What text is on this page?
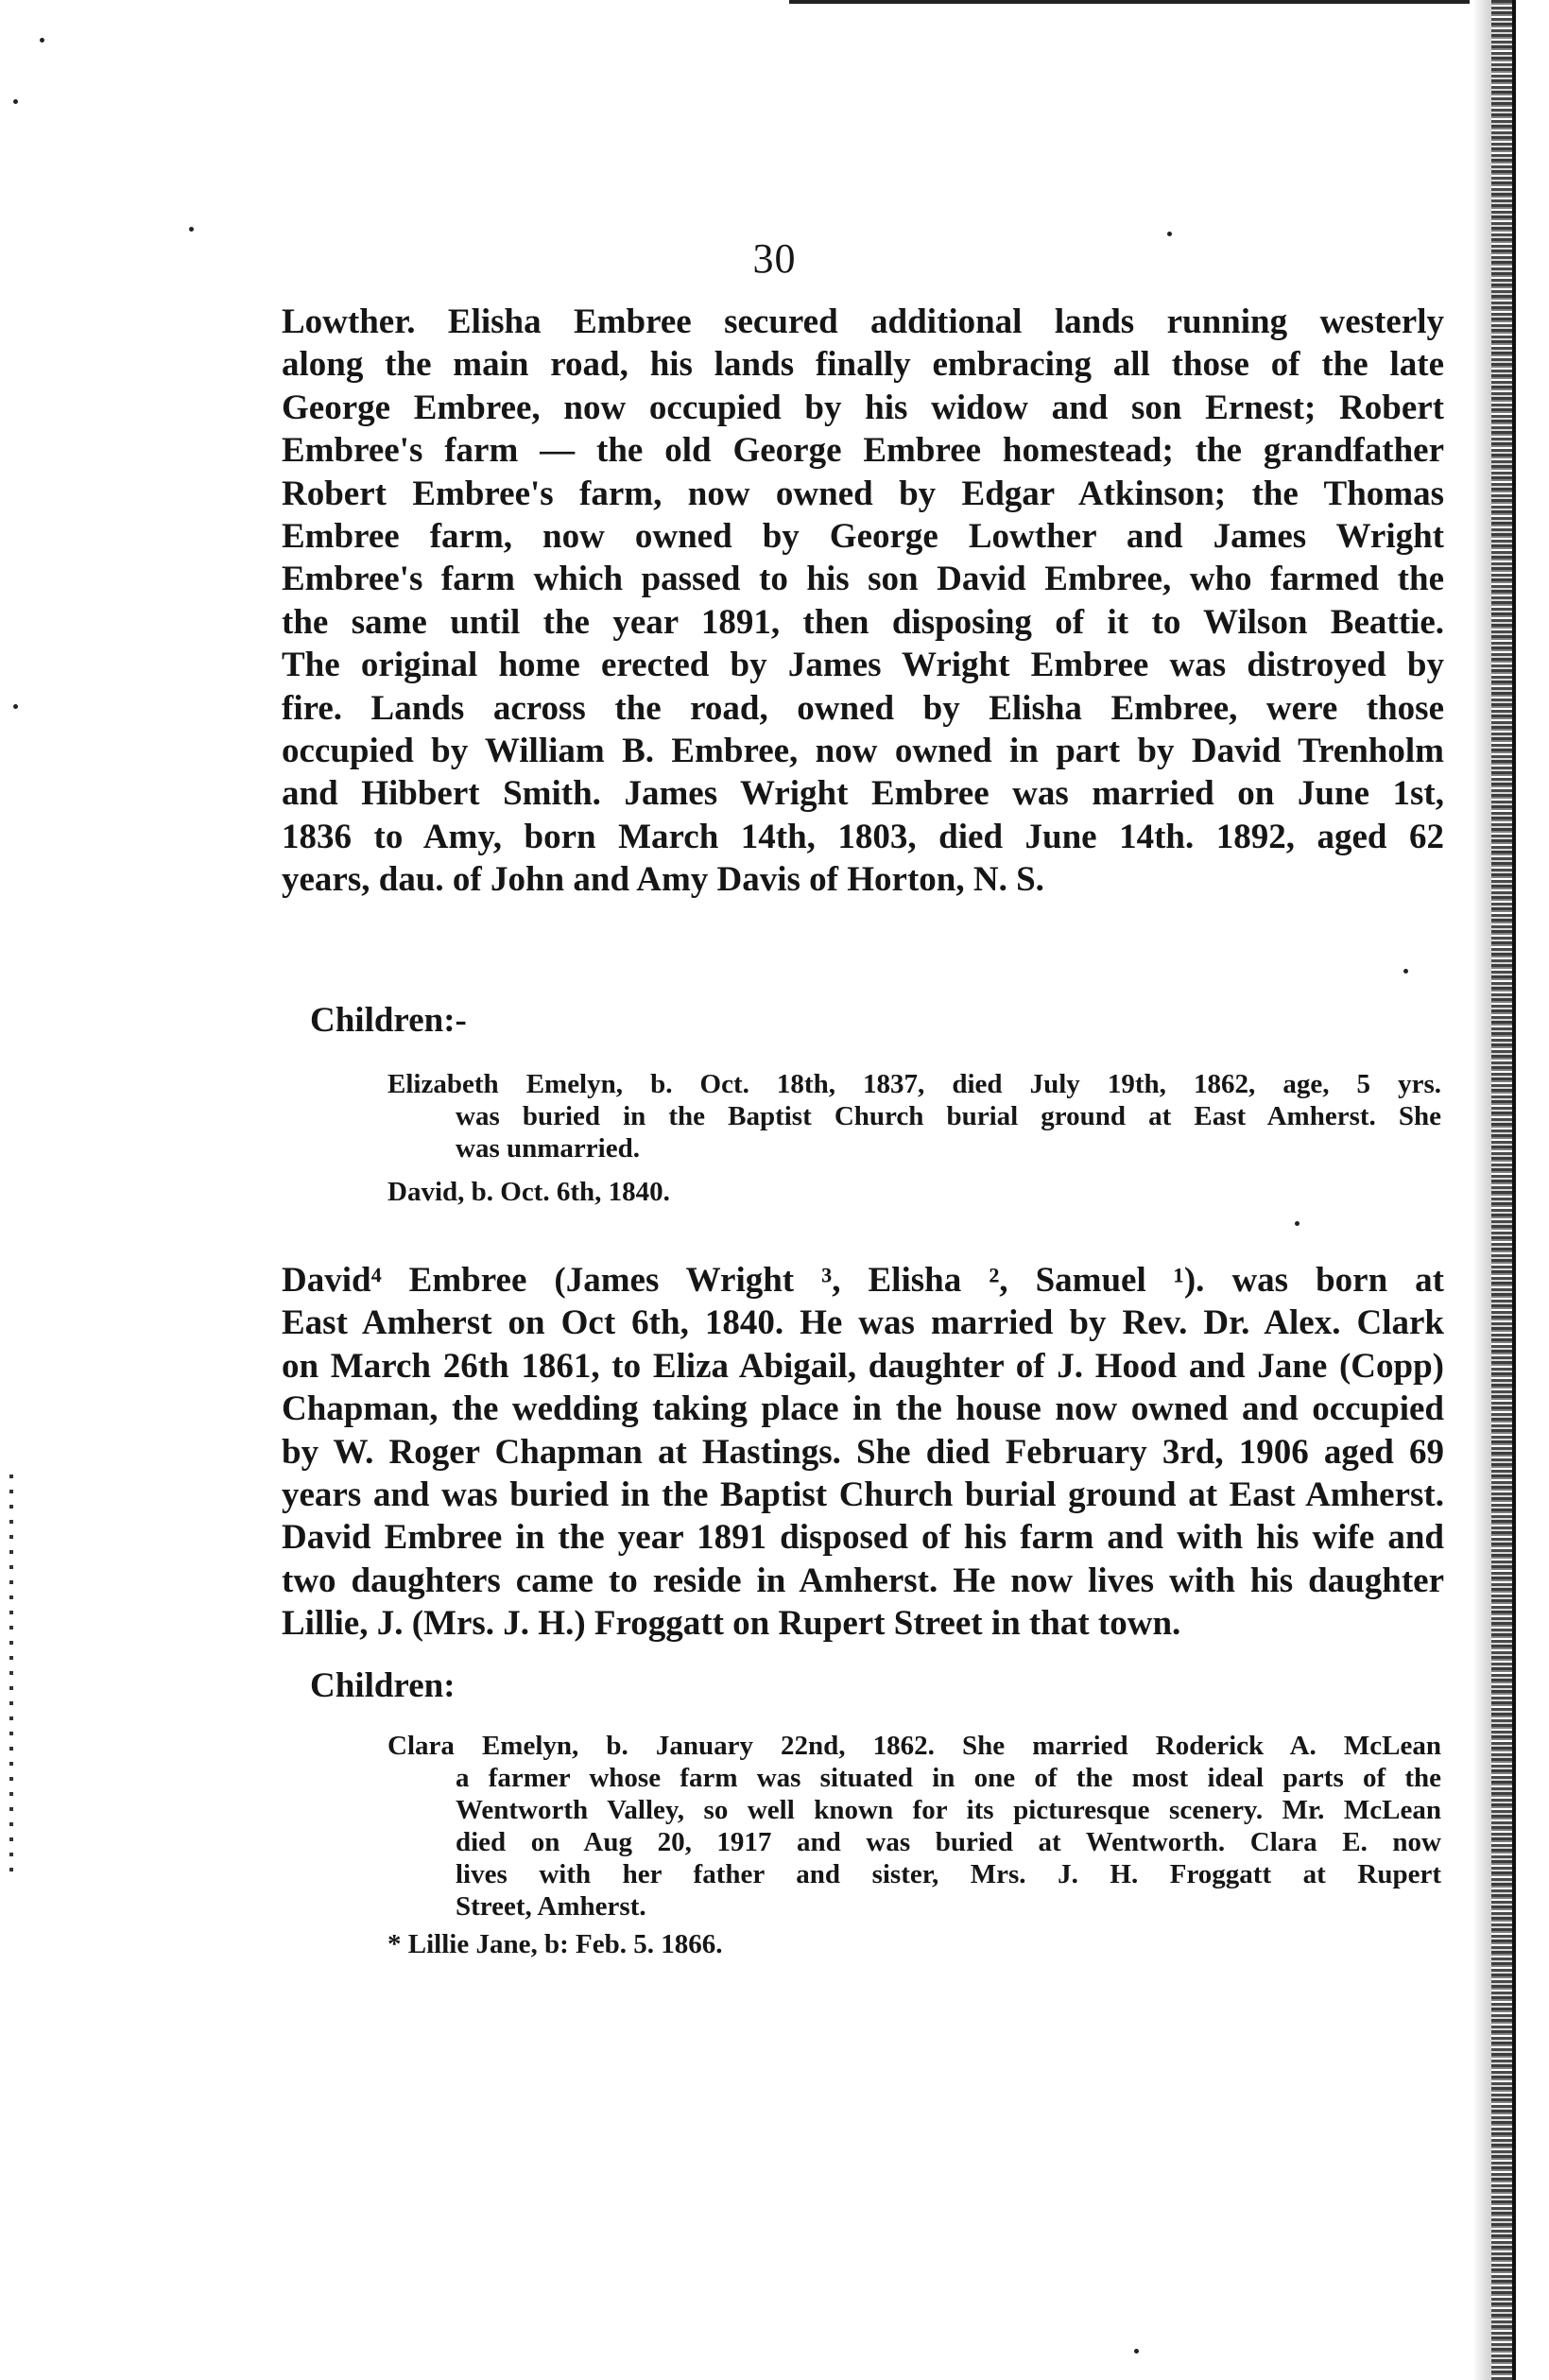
30
Lowther. Elisha Embree secured additional lands running westerly
along the main road, his lands finally embracing all those of the late
George Embree, now occupied by his widow and son Ernest; Robert
Embree's farm — the old George Embree homestead; the grandfather
Robert Embree's farm, now owned by Edgar Atkinson; the Thomas
Embree farm, now owned by George Lowther and James Wright
Embree's farm which passed to his son David Embree, who farmed the
the same until the year 1891, then disposing of it to Wilson Beattie.
The original home erected by James Wright Embree was distroyed by
fire. Lands across the road, owned by Elisha Embree, were those
occupied by William B. Embree, now owned in part by David Trenholm
and Hibbert Smith. James Wright Embree was married on June 1st,
1836 to Amy, born March 14th, 1803, died June 14th. 1892, aged 62
years, dau. of John and Amy Davis of Horton, N. S.
Children:-
Elizabeth Emelyn, b. Oct. 18th, 1837, died July 19th, 1862, age, 5 yrs.
was buried in the Baptist Church burial ground at East Amherst. She
was unmarried.
David, b. Oct. 6th, 1840.
David⁴ Embree (James Wright ³, Elisha ², Samuel ¹). was born at
East Amherst on Oct 6th, 1840. He was married by Rev. Dr. Alex. Clark
on March 26th 1861, to Eliza Abigail, daughter of J. Hood and Jane (Copp)
Chapman, the wedding taking place in the house now owned and occupied
by W. Roger Chapman at Hastings. She died February 3rd, 1906 aged 69
years and was buried in the Baptist Church burial ground at East Amherst.
David Embree in the year 1891 disposed of his farm and with his wife and
two daughters came to reside in Amherst. He now lives with his daughter
Lillie, J. (Mrs. J. H.) Froggatt on Rupert Street in that town.
Children:
Clara Emelyn, b. January 22nd, 1862. She married Roderick A. McLean
a farmer whose farm was situated in one of the most ideal parts of the
Wentworth Valley, so well known for its picturesque scenery. Mr. McLean
died on Aug 20, 1917 and was buried at Wentworth. Clara E. now
lives with her father and sister, Mrs. J. H. Froggatt at Rupert
Street, Amherst.
* Lillie Jane, b: Feb. 5. 1866.
